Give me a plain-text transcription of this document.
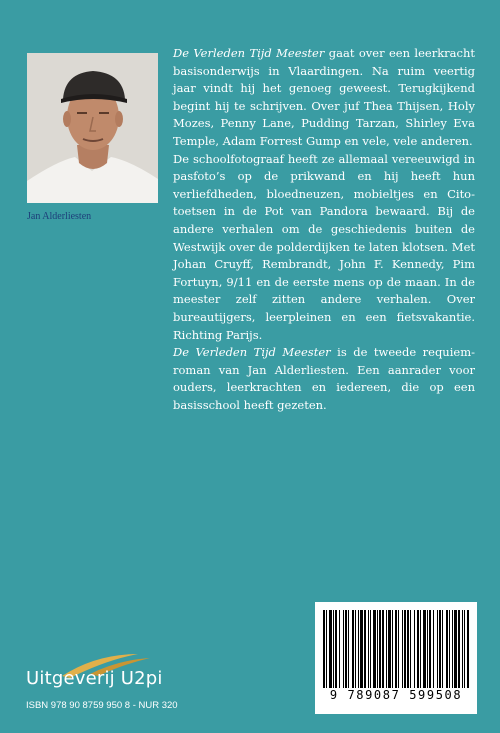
Jan Alderliesten

De Verleden Tijd Meester gaat over een leerkracht basisonderwijs in Vlaardingen. Na ruim veertig jaar vindt hij het genoeg geweest. Terugkijkend begint hij te schrijven. Over juf Thea Thijsen, Holy Mozes, Penny Lane, Pudding Tarzan, Shirley Eva Temple, Adam Forrest Gump en vele, vele anderen.

De schoolfotograaf heeft ze allemaal vereeuwigd in pasfoto’s op de prikwand en hij heeft hun verliefdheden, bloedneuzen, mobieltjes en Cito-toetsen in de Pot van Pandora bewaard. Bij de andere verhalen om de geschiedenis buiten de Westwijk over de polderdijken te laten klotsen. Met Johan Cruyff, Rembrandt, John F. Kennedy, Pim Fortuyn, 9/11 en de eerste mens op de maan. In de meester zelf zitten andere verhalen. Over bureautijgers, leerpleinen en een fietsvakantie. Richting Parijs.

De Verleden Tijd Meester is de tweede requiem-roman van Jan Alderliesten. Een aanrader voor ouders, leerkrachten en iedereen, die op een basisschool heeft gezeten.

Uitgeverij U2pi
ISBN 978 90 8759 950 8 - NUR 320
9 789087 599508
